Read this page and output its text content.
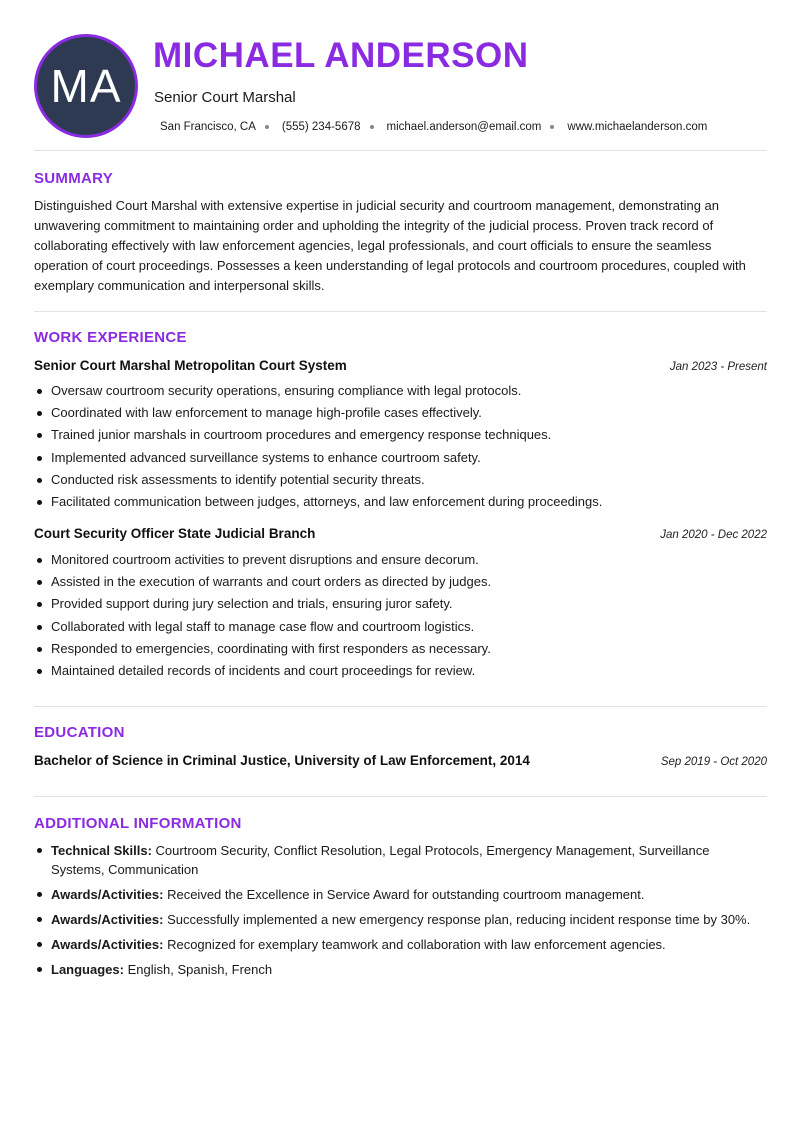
MA
MICHAEL ANDERSON
Senior Court Marshal
San Francisco, CA (555) 234-5678 michael.anderson@email.com www.michaelanderson.com
SUMMARY

Distinguished Court Marshal with extensive expertise in judicial security and courtroom management, demonstrating an unwavering commitment to maintaining order and upholding the integrity of the judicial process. Proven track record of collaborating effectively with law enforcement agencies, legal professionals, and court officials to ensure the seamless operation of court proceedings. Possesses a keen understanding of legal protocols and courtroom procedures, coupled with exemplary communication and interpersonal skills.

WORK EXPERIENCE
Senior Court Marshal Metropolitan Court System	Jan 2023 - Present
Oversaw courtroom security operations, ensuring compliance with legal protocols.
Coordinated with law enforcement to manage high-profile cases effectively.
Trained junior marshals in courtroom procedures and emergency response techniques.
Implemented advanced surveillance systems to enhance courtroom safety.
Conducted risk assessments to identify potential security threats.
Facilitated communication between judges, attorneys, and law enforcement during proceedings.
Court Security Officer State Judicial Branch	Jan 2020 - Dec 2022
Monitored courtroom activities to prevent disruptions and ensure decorum.
Assisted in the execution of warrants and court orders as directed by judges.
Provided support during jury selection and trials, ensuring juror safety.
Collaborated with legal staff to manage case flow and courtroom logistics.
Responded to emergencies, coordinating with first responders as necessary.
Maintained detailed records of incidents and court proceedings for review.
EDUCATION
Bachelor of Science in Criminal Justice, University of Law Enforcement, 2014	Sep 2019 - Oct 2020
ADDITIONAL INFORMATION
Technical Skills: Courtroom Security, Conflict Resolution, Legal Protocols, Emergency Management, Surveillance Systems, Communication
Awards/Activities: Received the Excellence in Service Award for outstanding courtroom management.
Awards/Activities: Successfully implemented a new emergency response plan, reducing incident response time by 30%.
Awards/Activities: Recognized for exemplary teamwork and collaboration with law enforcement agencies.
Languages: English, Spanish, French
